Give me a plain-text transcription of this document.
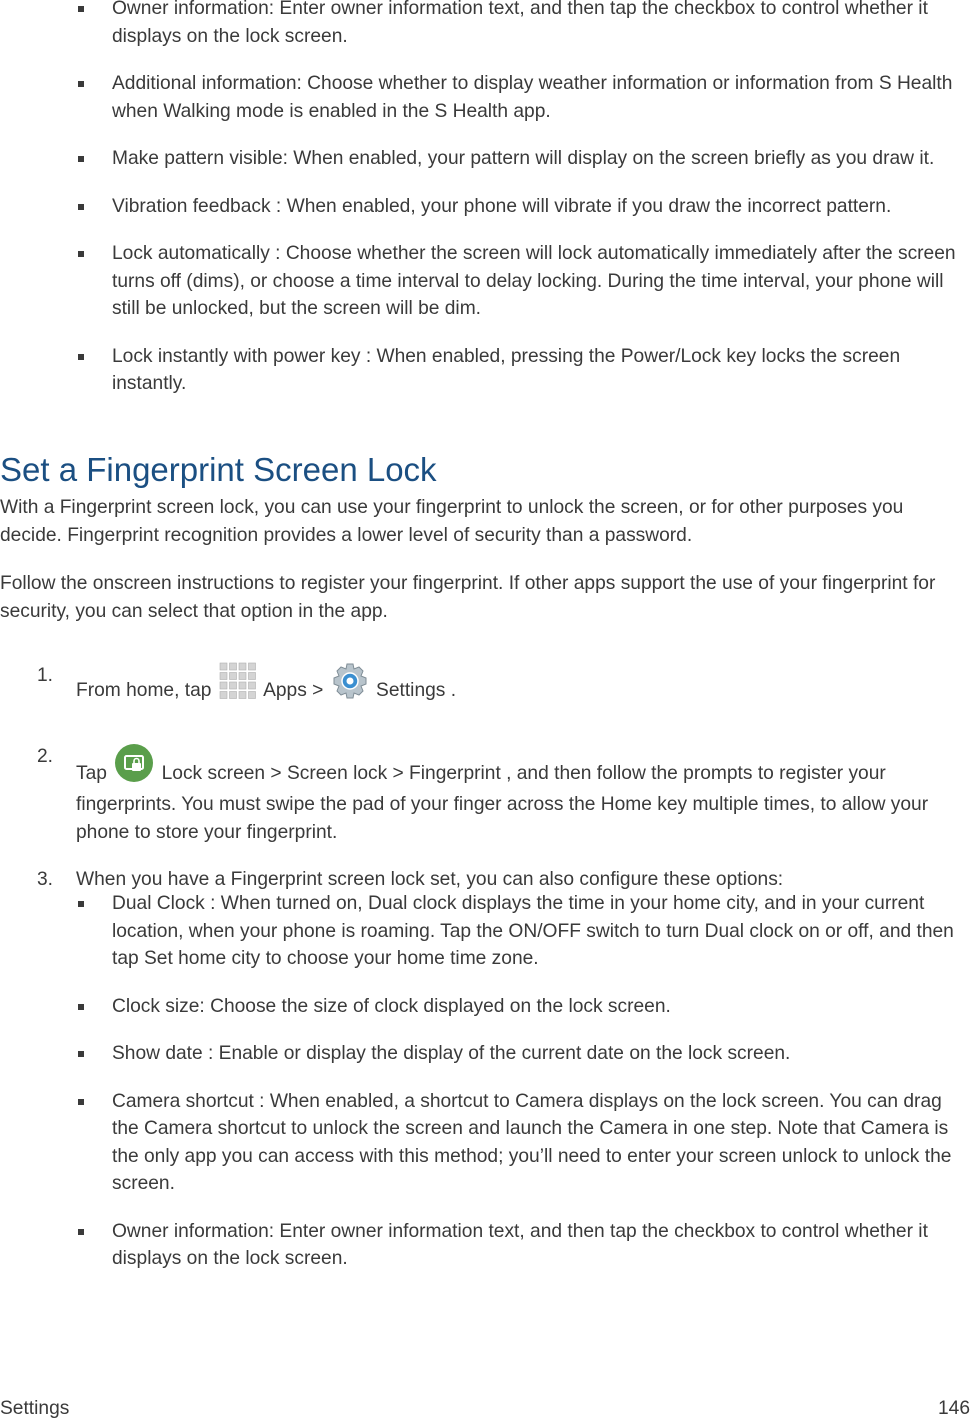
Owner information: Enter owner information text, and then tap the checkbox to control whether it displays on the lock screen.
Additional information: Choose whether to display weather information or information from S Health when Walking mode is enabled in the S Health app.
Make pattern visible: When enabled, your pattern will display on the screen briefly as you draw it.
Vibration feedback : When enabled, your phone will vibrate if you draw the incorrect pattern.
Lock automatically : Choose whether the screen will lock automatically immediately after the screen turns off (dims), or choose a time interval to delay locking. During the time interval, your phone will still be unlocked, but the screen will be dim.
Lock instantly with power key : When enabled, pressing the Power/Lock key locks the screen instantly.
Set a Fingerprint Screen Lock

With a Fingerprint screen lock, you can use your fingerprint to unlock the screen, or for other purposes you decide. Fingerprint recognition provides a lower level of security than a password.

Follow the onscreen instructions to register your fingerprint. If other apps support the use of your fingerprint for security, you can select that option in the app.

1.
From home, tap	Apps >	Settings .
2.
Tap	Lock screen > Screen lock > Fingerprint , and then follow the prompts to register your fingerprints. You must swipe the pad of your finger across the Home key multiple times, to allow your phone to store your fingerprint.
3. When you have a Fingerprint screen lock set, you can also configure these options:
Dual Clock : When turned on, Dual clock displays the time in your home city, and in your current location, when your phone is roaming. Tap the ON/OFF switch to turn Dual clock on or off, and then tap Set home city to choose your home time zone.
Clock size: Choose the size of clock displayed on the lock screen.
Show date : Enable or display the display of the current date on the lock screen.
Camera shortcut : When enabled, a shortcut to Camera displays on the lock screen. You can drag the Camera shortcut to unlock the screen and launch the Camera in one step. Note that Camera is the only app you can access with this method; you’ll need to enter your screen unlock to unlock the screen.
Owner information: Enter owner information text, and then tap the checkbox to control whether it displays on the lock screen.
Settings	146
